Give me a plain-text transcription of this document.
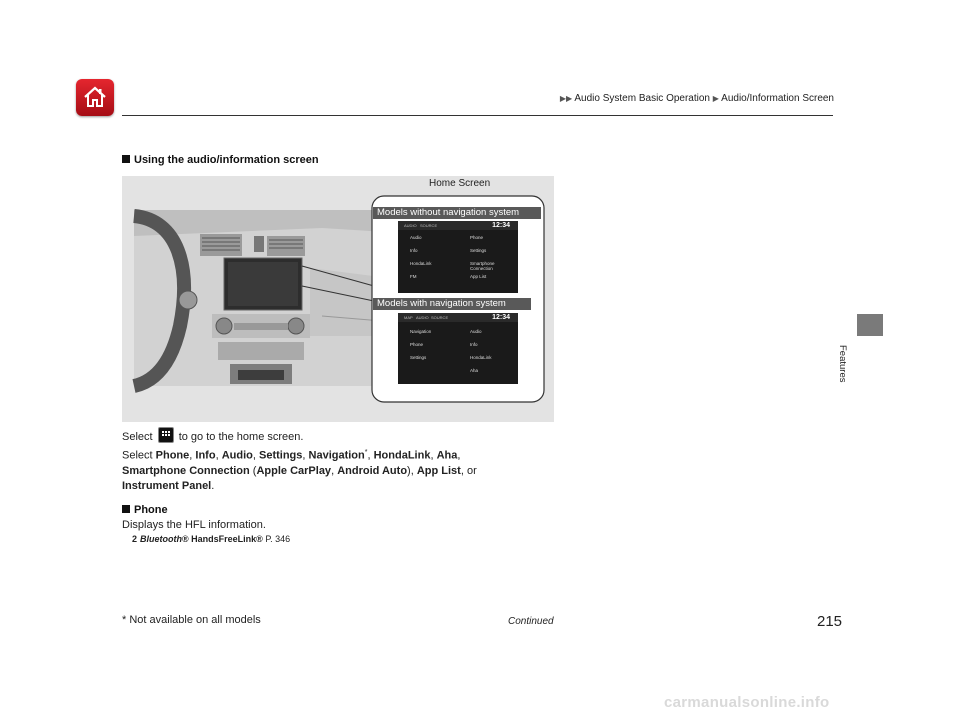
▶▶ Audio System Basic Operation ▶ Audio/Information Screen
Features
Using the audio/information screen
Home Screen
Models without navigation system
Models with navigation system
AUDIO SOURCE	12:34
Audio
Info
HondaLink
FM
Phone
Settings
Smartphone Connection
App List
MAP AUDIO SOURCE	12:34
Navigation
Phone
Settings
Audio
Info
HondaLink
Aha
Select to go to the home screen.
Select Phone, Info, Audio, Settings, Navigation*, HondaLink, Aha,
Smartphone Connection (Apple CarPlay, Android Auto), App List, or
Instrument Panel.
Phone
Displays the HFL information.
2 Bluetooth® HandsFreeLink® P. 346
* Not available on all models	Continued	215
carmanualsonline.info
